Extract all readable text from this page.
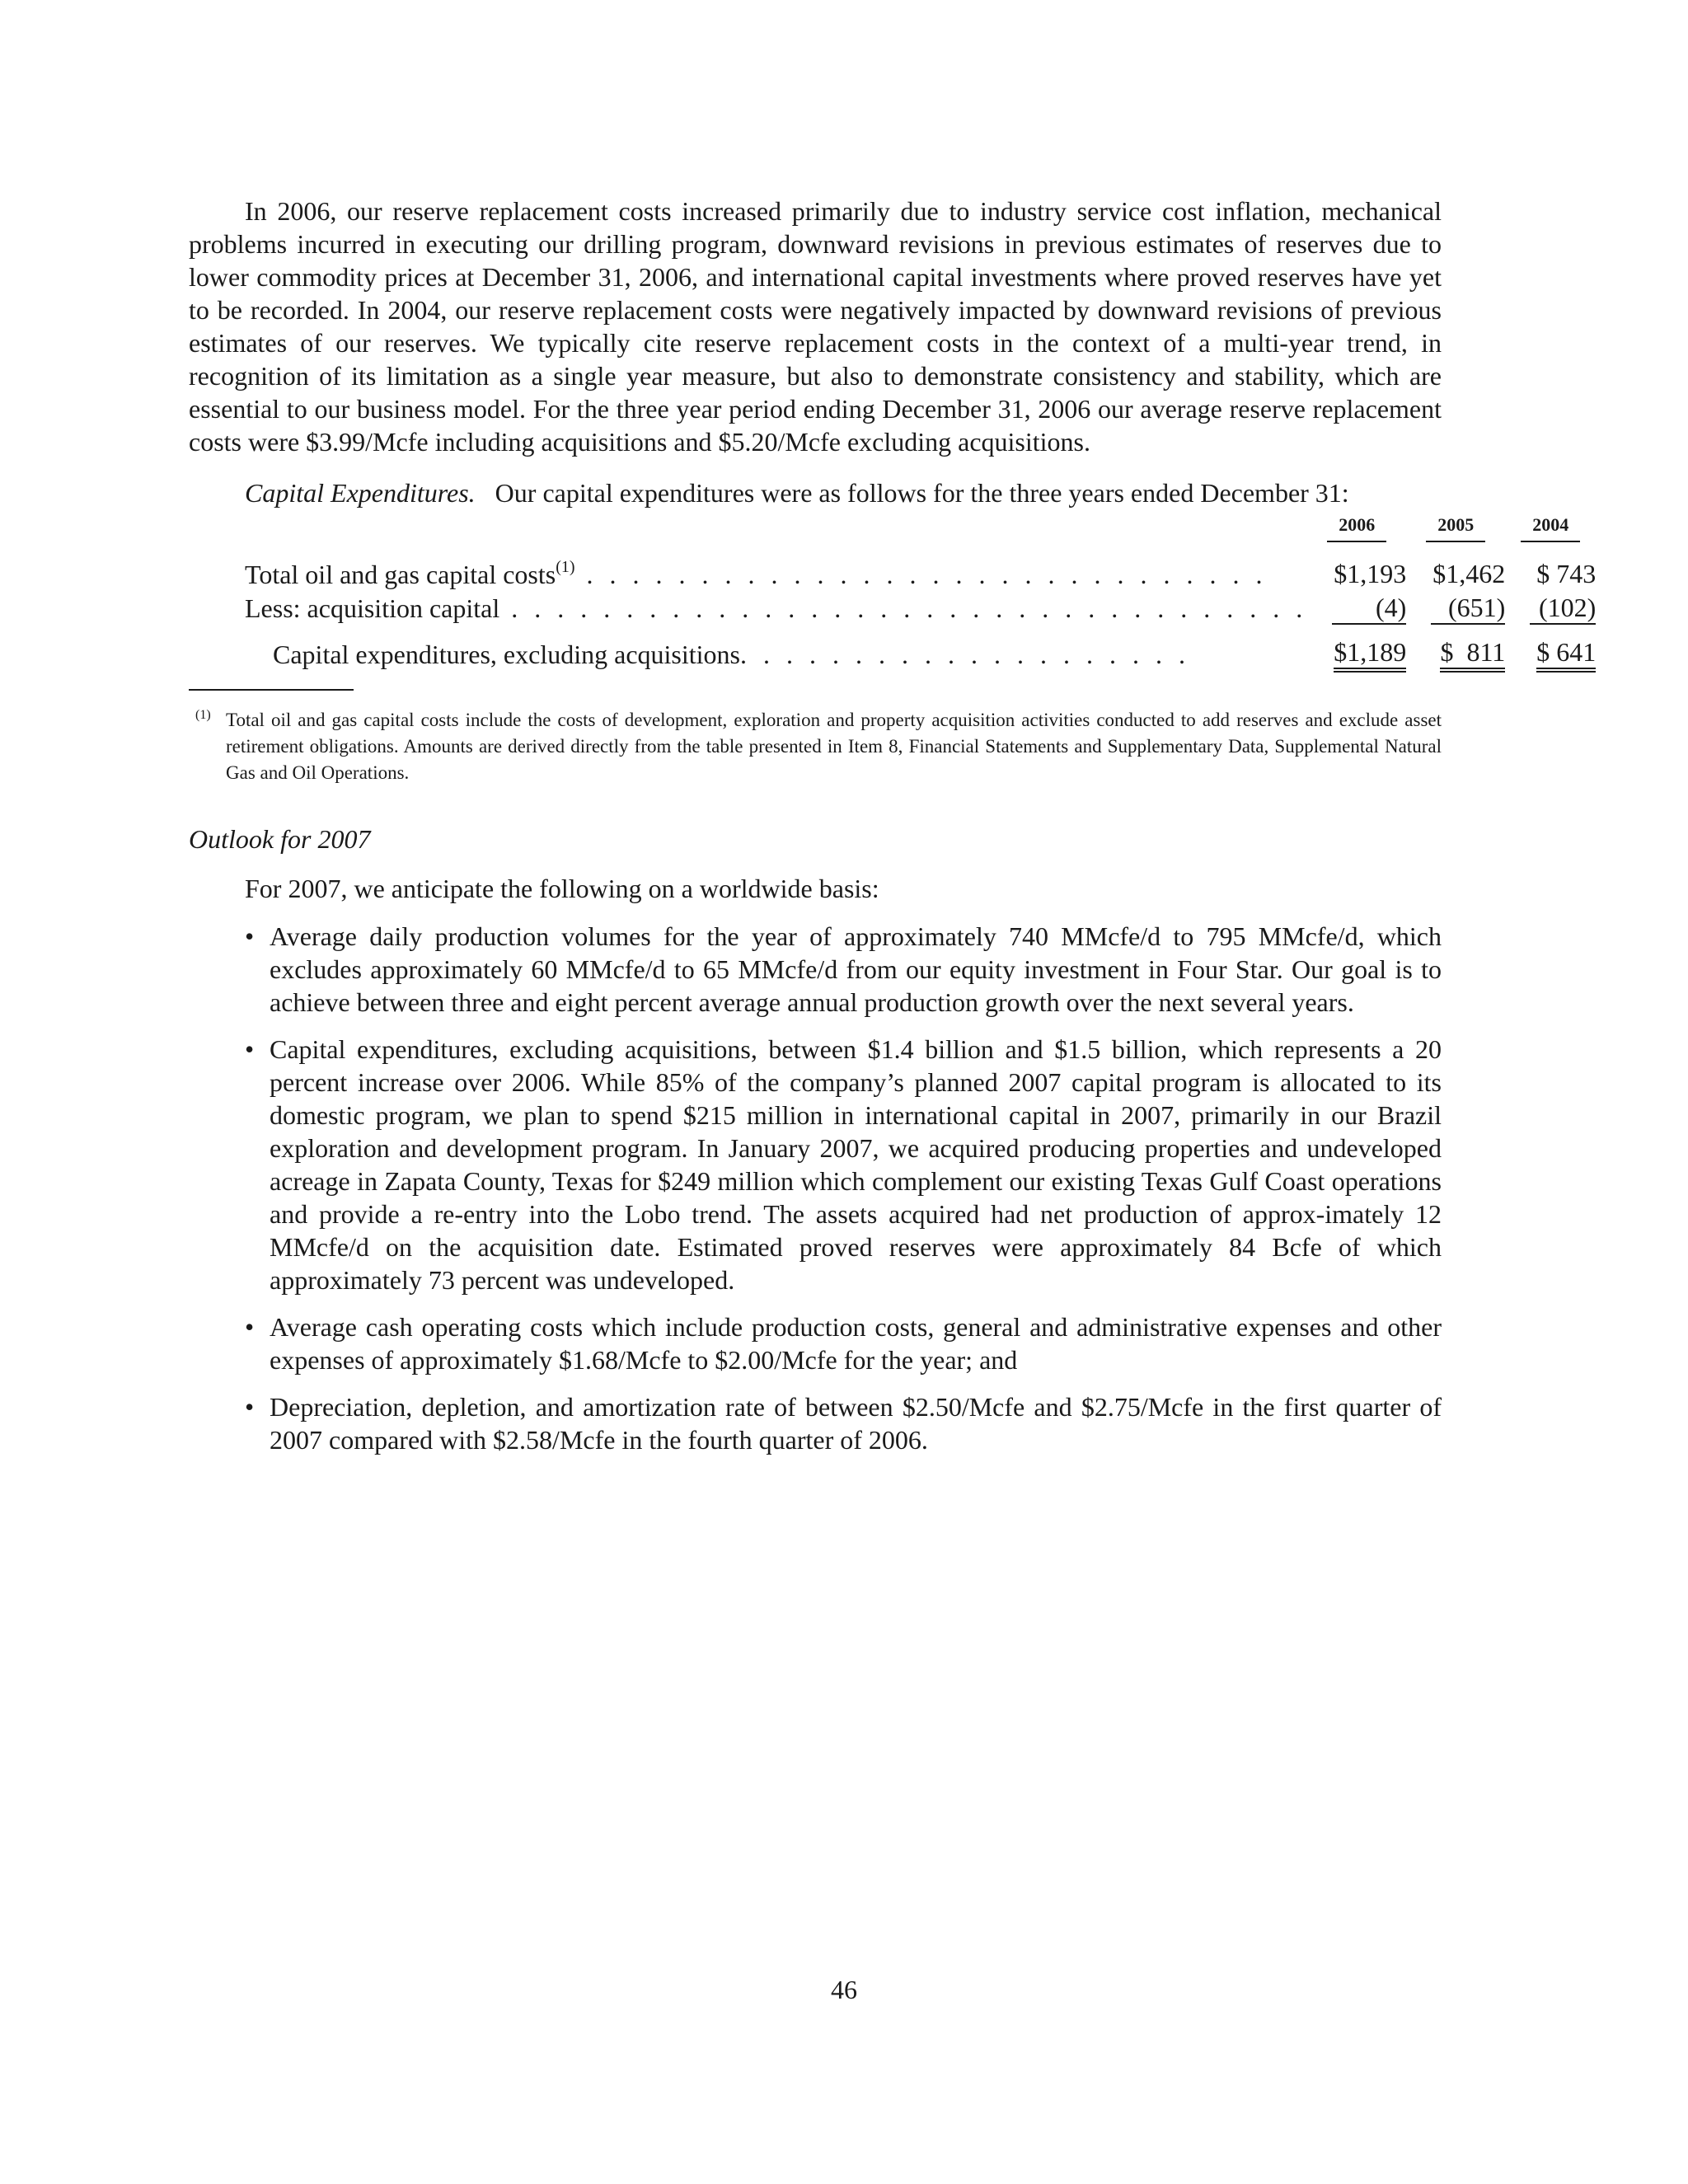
In 2006, our reserve replacement costs increased primarily due to industry service cost inflation, mechanical problems incurred in executing our drilling program, downward revisions in previous estimates of reserves due to lower commodity prices at December 31, 2006, and international capital investments where proved reserves have yet to be recorded. In 2004, our reserve replacement costs were negatively impacted by downward revisions of previous estimates of our reserves. We typically cite reserve replacement costs in the context of a multi-year trend, in recognition of its limitation as a single year measure, but also to demonstrate consistency and stability, which are essential to our business model. For the three year period ending December 31, 2006 our average reserve replacement costs were $3.99/Mcfe including acquisitions and $5.20/Mcfe excluding acquisitions.

Capital Expenditures. Our capital expenditures were as follows for the three years ended December 31:

	2006	2005	2004
Total oil and gas capital costs$^{(1)}$ . . . . . . . . . . . . . . . . . . . . . . . . . . . . . .	$1,193	$1,462	$ 743
Less: acquisition capital . . . . . . . . . . . . . . . . . . . . . . . . . . . . . . . . . . .	(4)	(651)	(102)
Capital expenditures, excluding acquisitions. . . . . . . . . . . . . . . . . . . .	$1,189	$  811	$ 641

(1) Total oil and gas capital costs include the costs of development, exploration and property acquisition activities conducted to add reserves and exclude asset retirement obligations. Amounts are derived directly from the table presented in Item 8, Financial Statements and Supplementary Data, Supplemental Natural Gas and Oil Operations.

Outlook for 2007

For 2007, we anticipate the following on a worldwide basis:

• Average daily production volumes for the year of approximately 740 MMcfe/d to 795 MMcfe/d, which excludes approximately 60 MMcfe/d to 65 MMcfe/d from our equity investment in Four Star. Our goal is to achieve between three and eight percent average annual production growth over the next several years.
• Capital expenditures, excluding acquisitions, between $1.4 billion and $1.5 billion, which represents a 20 percent increase over 2006. While 85% of the company’s planned 2007 capital program is allocated to its domestic program, we plan to spend $215 million in international capital in 2007, primarily in our Brazil exploration and development program. In January 2007, we acquired producing properties and undeveloped acreage in Zapata County, Texas for $249 million which complement our existing Texas Gulf Coast operations and provide a re-entry into the Lobo trend. The assets acquired had net production of approx-imately 12 MMcfe/d on the acquisition date. Estimated proved reserves were approximately 84 Bcfe of which approximately 73 percent was undeveloped.
• Average cash operating costs which include production costs, general and administrative expenses and other expenses of approximately $1.68/Mcfe to $2.00/Mcfe for the year; and
• Depreciation, depletion, and amortization rate of between $2.50/Mcfe and $2.75/Mcfe in the first quarter of 2007 compared with $2.58/Mcfe in the fourth quarter of 2006.
46
